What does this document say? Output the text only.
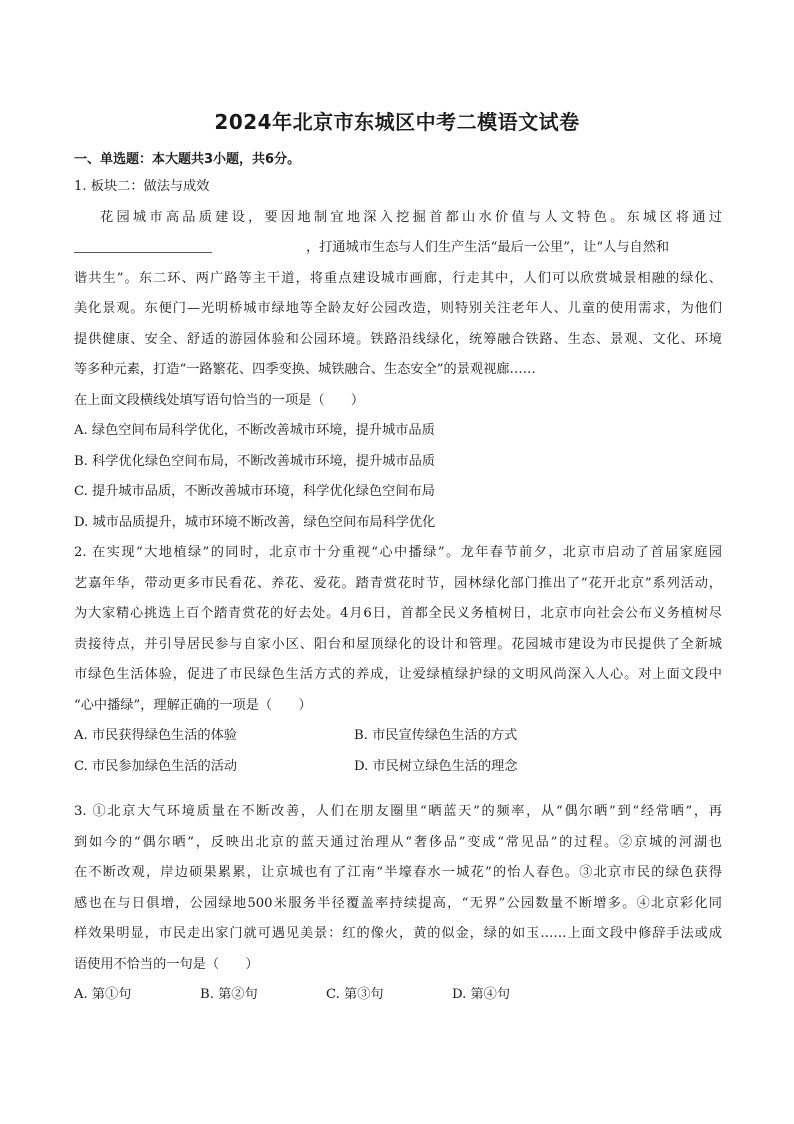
2024年北京市东城区中考二模语文试卷
一、单选题：本大题共3小题，共6分。
1. 板块二：做法与成效
花园城市高品质建设，要因地制宜地深入挖掘首都山水价值与人文特色。东城区将通过
，打通城市生态与人们生产生活“最后一公里”，让“人与自然和
谐共生”。东二环、两广路等主干道，将重点建设城市画廊，行走其中，人们可以欣赏城景相融的绿化、
美化景观。东便门—光明桥城市绿地等全龄友好公园改造，则特别关注老年人、儿童的使用需求，为他们
提供健康、安全、舒适的游园体验和公园环境。铁路沿线绿化，统筹融合铁路、生态、景观、文化、环境
等多种元素，打造“一路繁花、四季变换、城铁融合、生态安全”的景观视廊……
在上面文段横线处填写语句恰当的一项是（　　）
A. 绿色空间布局科学优化，不断改善城市环境，提升城市品质
B. 科学优化绿色空间布局，不断改善城市环境，提升城市品质
C. 提升城市品质，不断改善城市环境，科学优化绿色空间布局
D. 城市品质提升，城市环境不断改善，绿色空间布局科学优化
2. 在实现“大地植绿”的同时，北京市十分重视“心中播绿”。龙年春节前夕，北京市启动了首届家庭园
艺嘉年华，带动更多市民看花、养花、爱花。踏青赏花时节，园林绿化部门推出了“花开北京”系列活动，
为大家精心挑选上百个踏青赏花的好去处。4月6日，首都全民义务植树日，北京市向社会公布义务植树尽
责接待点，并引导居民参与自家小区、阳台和屋顶绿化的设计和管理。花园城市建设为市民提供了全新城
市绿色生活体验，促进了市民绿色生活方式的养成，让爱绿植绿护绿的文明风尚深入人心。对上面文段中
“心中播绿”，理解正确的一项是（　　）
A. 市民获得绿色生活的体验	B. 市民宣传绿色生活的方式
C. 市民参加绿色生活的活动	D. 市民树立绿色生活的理念
3. ①北京大气环境质量在不断改善，人们在朋友圈里“晒蓝天”的频率，从“偶尔晒”到“经常晒”，再
到如今的“偶尔晒”，反映出北京的蓝天通过治理从“奢侈品”变成“常见品”的过程。②京城的河湖也
在不断改观，岸边硕果累累，让京城也有了江南“半壕春水一城花”的怡人春色。③北京市民的绿色获得
感也在与日俱增，公园绿地500米服务半径覆盖率持续提高，“无界”公园数量不断增多。④北京彩化同
样效果明显，市民走出家门就可遇见美景：红的像火，黄的似金，绿的如玉……上面文段中修辞手法或成
语使用不恰当的一句是（　　）
A. 第①句	B. 第②句	C. 第③句	D. 第④句
